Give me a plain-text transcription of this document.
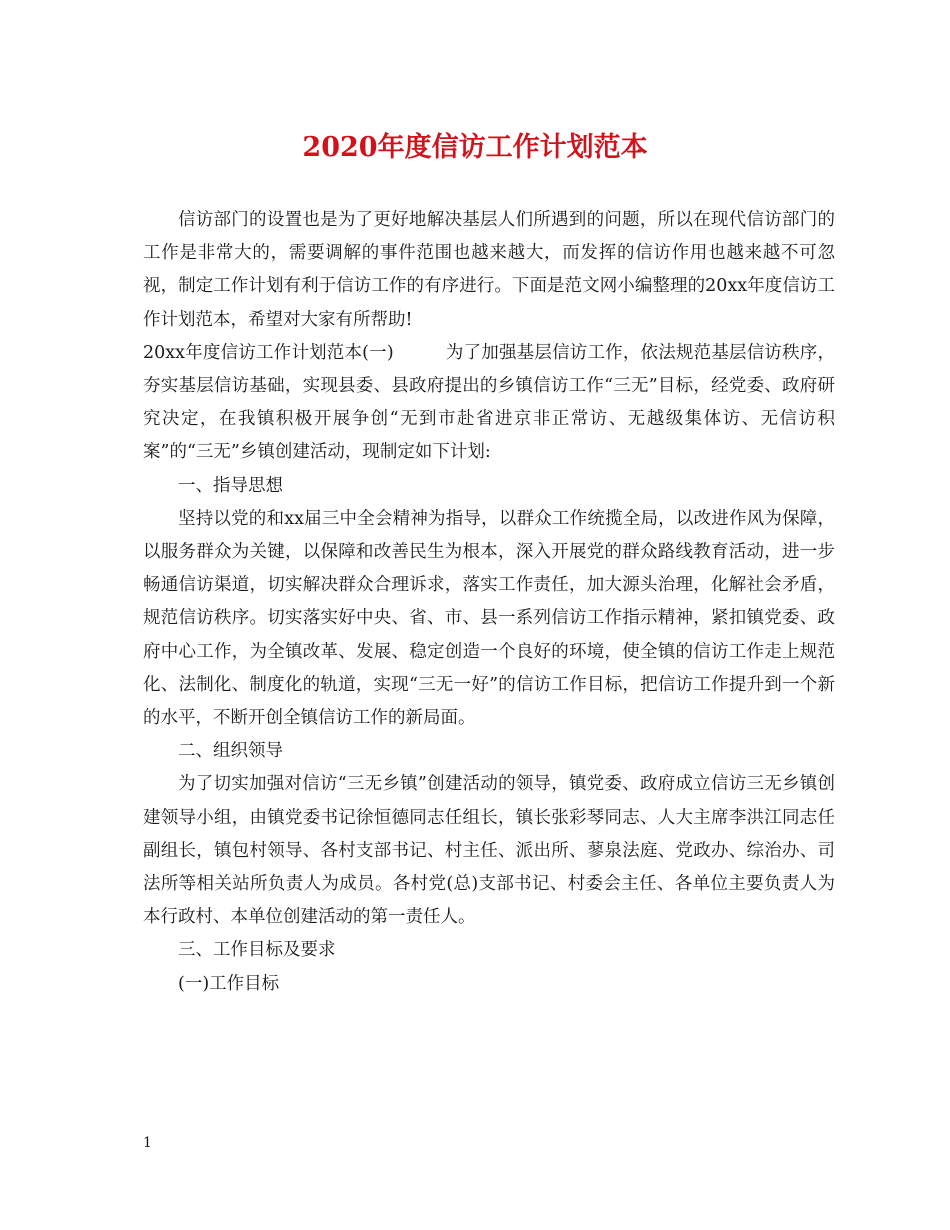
2020年度信访工作计划范本

信访部门的设置也是为了更好地解决基层人们所遇到的问题，所以在现代信访部门的工作是非常大的，需要调解的事件范围也越来越大，而发挥的信访作用也越来越不可忽视，制定工作计划有利于信访工作的有序进行。下面是范文网小编整理的20xx年度信访工作计划范本，希望对大家有所帮助!

20xx年度信访工作计划范本(一)	为了加强基层信访工作，依法规范基层信访秩序，夯实基层信访基础，实现县委、县政府提出的乡镇信访工作“三无”目标，经党委、政府研究决定，在我镇积极开展争创“无到市赴省进京非正常访、无越级集体访、无信访积案”的“三无”乡镇创建活动，现制定如下计划:

一、指导思想

坚持以党的和xx届三中全会精神为指导，以群众工作统揽全局，以改进作风为保障，以服务群众为关键，以保障和改善民生为根本，深入开展党的群众路线教育活动，进一步畅通信访渠道，切实解决群众合理诉求，落实工作责任，加大源头治理，化解社会矛盾，规范信访秩序。切实落实好中央、省、市、县一系列信访工作指示精神，紧扣镇党委、政府中心工作，为全镇改革、发展、稳定创造一个良好的环境，使全镇的信访工作走上规范化、法制化、制度化的轨道，实现“三无一好”的信访工作目标，把信访工作提升到一个新的水平，不断开创全镇信访工作的新局面。

二、组织领导

为了切实加强对信访“三无乡镇”创建活动的领导，镇党委、政府成立信访三无乡镇创建领导小组，由镇党委书记徐恒德同志任组长，镇长张彩琴同志、人大主席李洪江同志任副组长，镇包村领导、各村支部书记、村主任、派出所、蓼泉法庭、党政办、综治办、司法所等相关站所负责人为成员。各村党(总)支部书记、村委会主任、各单位主要负责人为本行政村、本单位创建活动的第一责任人。

三、工作目标及要求

(一)工作目标

1
